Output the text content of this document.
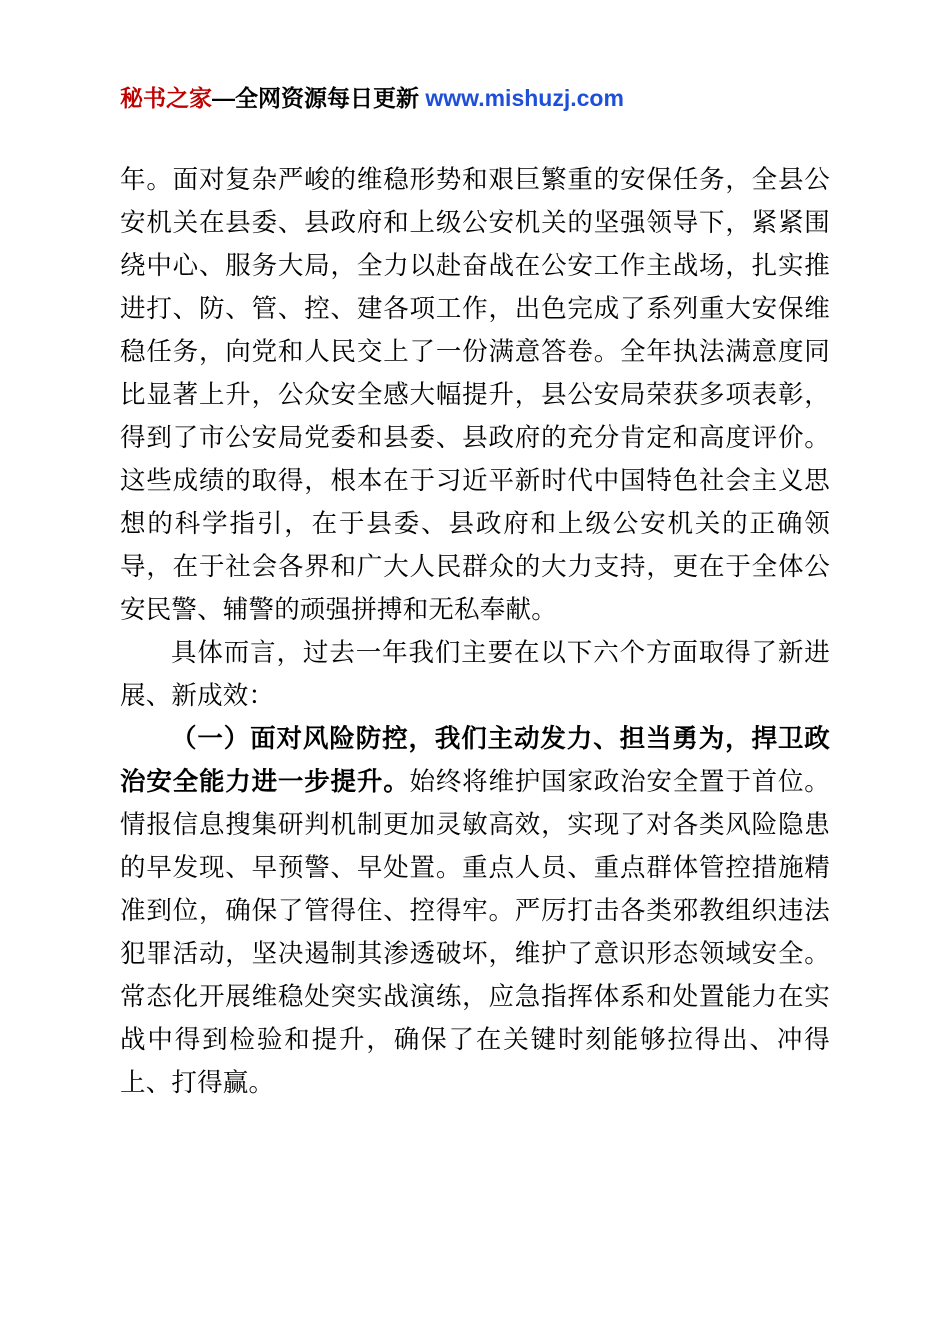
秘书之家—全网资源每日更新 www.mishuzj.com

年。面对复杂严峻的维稳形势和艰巨繁重的安保任务，全县公安机关在县委、县政府和上级公安机关的坚强领导下，紧紧围绕中心、服务大局，全力以赴奋战在公安工作主战场，扎实推进打、防、管、控、建各项工作，出色完成了系列重大安保维稳任务，向党和人民交上了一份满意答卷。全年执法满意度同比显著上升，公众安全感大幅提升，县公安局荣获多项表彰，得到了市公安局党委和县委、县政府的充分肯定和高度评价。这些成绩的取得，根本在于习近平新时代中国特色社会主义思想的科学指引，在于县委、县政府和上级公安机关的正确领导，在于社会各界和广大人民群众的大力支持，更在于全体公安民警、辅警的顽强拼搏和无私奉献。

具体而言，过去一年我们主要在以下六个方面取得了新进展、新成效：

（一）面对风险防控，我们主动发力、担当勇为，捍卫政治安全能力进一步提升。始终将维护国家政治安全置于首位。情报信息搜集研判机制更加灵敏高效，实现了对各类风险隐患的早发现、早预警、早处置。重点人员、重点群体管控措施精准到位，确保了管得住、控得牢。严厉打击各类邪教组织违法犯罪活动，坚决遏制其渗透破坏，维护了意识形态领域安全。常态化开展维稳处突实战演练，应急指挥体系和处置能力在实战中得到检验和提升，确保了在关键时刻能够拉得出、冲得上、打得赢。
